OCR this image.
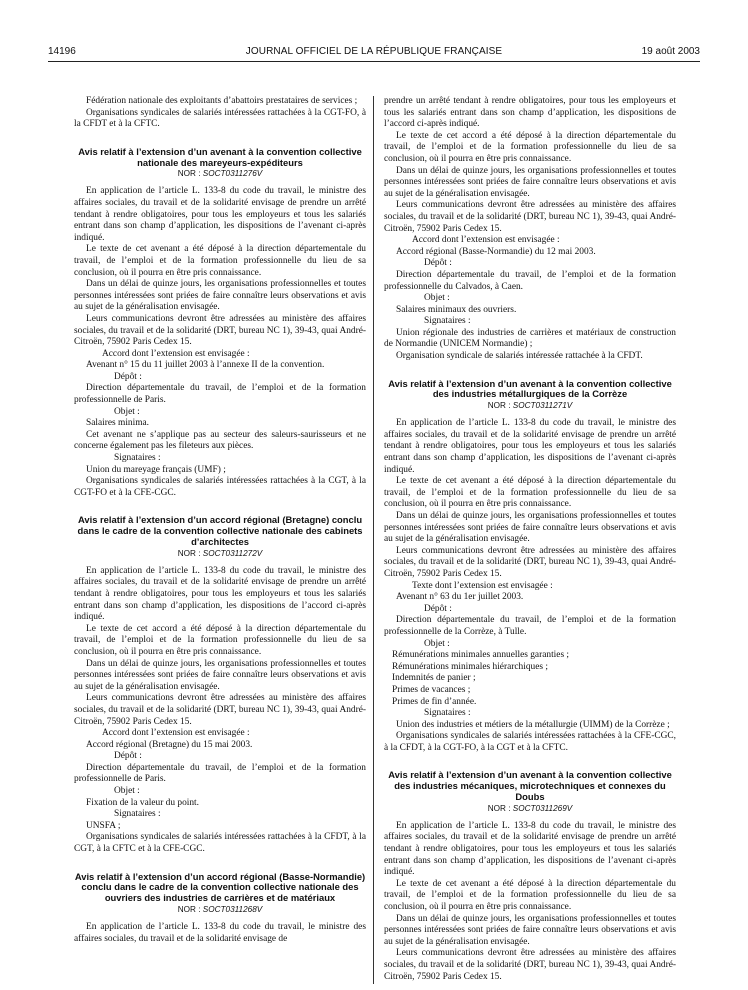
14196	JOURNAL OFFICIEL DE LA RÉPUBLIQUE FRANÇAISE	19 août 2003

Fédération nationale des exploitants d’abattoirs prestataires de services ;

Organisations syndicales de salariés intéressées rattachées à la CGT-FO, à la CFDT et à la CFTC.

Avis relatif à l’extension d’un avenant à la convention collective nationale des mareyeurs-expéditeurs
NOR : SOCT0311276V

En application de l’article L. 133-8 du code du travail, le ministre des affaires sociales, du travail et de la solidarité envisage de prendre un arrêté tendant à rendre obligatoires, pour tous les employeurs et tous les salariés entrant dans son champ d’application, les dispositions de l’avenant ci-après indiqué.

Le texte de cet avenant a été déposé à la direction départementale du travail, de l’emploi et de la formation professionnelle du lieu de sa conclusion, où il pourra en être pris connaissance.

Dans un délai de quinze jours, les organisations professionnelles et toutes personnes intéressées sont priées de faire connaître leurs observations et avis au sujet de la généralisation envisagée.

Leurs communications devront être adressées au ministère des affaires sociales, du travail et de la solidarité (DRT, bureau NC 1), 39-43, quai André-Citroën, 75902 Paris Cedex 15.

Accord dont l’extension est envisagée :

Avenant n° 15 du 11 juillet 2003 à l’annexe II de la convention.

Dépôt :

Direction départementale du travail, de l’emploi et de la formation professionnelle de Paris.

Objet :

Salaires minima.

Cet avenant ne s’applique pas au secteur des saleurs-saurisseurs et ne concerne également pas les fileteurs aux pièces.

Signataires :

Union du mareyage français (UMF) ;

Organisations syndicales de salariés intéressées rattachées à la CGT, à la CGT-FO et à la CFE-CGC.

Avis relatif à l’extension d’un accord régional (Bretagne) conclu dans le cadre de la convention collective nationale des cabinets d’architectes
NOR : SOCT0311272V

En application de l’article L. 133-8 du code du travail, le ministre des affaires sociales, du travail et de la solidarité envisage de prendre un arrêté tendant à rendre obligatoires, pour tous les employeurs et tous les salariés entrant dans son champ d’application, les dispositions de l’accord ci-après indiqué.

Le texte de cet accord a été déposé à la direction départementale du travail, de l’emploi et de la formation professionnelle du lieu de sa conclusion, où il pourra en être pris connaissance.

Dans un délai de quinze jours, les organisations professionnelles et toutes personnes intéressées sont priées de faire connaître leurs observations et avis au sujet de la généralisation envisagée.

Leurs communications devront être adressées au ministère des affaires sociales, du travail et de la solidarité (DRT, bureau NC 1), 39-43, quai André-Citroën, 75902 Paris Cedex 15.

Accord dont l’extension est envisagée :

Accord régional (Bretagne) du 15 mai 2003.

Dépôt :

Direction départementale du travail, de l’emploi et de la formation professionnelle de Paris.

Objet :

Fixation de la valeur du point.

Signataires :

UNSFA ;

Organisations syndicales de salariés intéressées rattachées à la CFDT, à la CGT, à la CFTC et à la CFE-CGC.

Avis relatif à l’extension d’un accord régional (Basse-Normandie) conclu dans le cadre de la convention collective nationale des ouvriers des industries de carrières et de matériaux
NOR : SOCT0311268V

En application de l’article L. 133-8 du code du travail, le ministre des affaires sociales, du travail et de la solidarité envisage de

prendre un arrêté tendant à rendre obligatoires, pour tous les employeurs et tous les salariés entrant dans son champ d’application, les dispositions de l’accord ci-après indiqué.

Le texte de cet accord a été déposé à la direction départementale du travail, de l’emploi et de la formation professionnelle du lieu de sa conclusion, où il pourra en être pris connaissance.

Dans un délai de quinze jours, les organisations professionnelles et toutes personnes intéressées sont priées de faire connaître leurs observations et avis au sujet de la généralisation envisagée.

Leurs communications devront être adressées au ministère des affaires sociales, du travail et de la solidarité (DRT, bureau NC 1), 39-43, quai André-Citroën, 75902 Paris Cedex 15.

Accord dont l’extension est envisagée :

Accord régional (Basse-Normandie) du 12 mai 2003.

Dépôt :

Direction départementale du travail, de l’emploi et de la formation professionnelle du Calvados, à Caen.

Objet :

Salaires minimaux des ouvriers.

Signataires :

Union régionale des industries de carrières et matériaux de construction de Normandie (UNICEM Normandie) ;

Organisation syndicale de salariés intéressée rattachée à la CFDT.

Avis relatif à l’extension d’un avenant à la convention collective des industries métallurgiques de la Corrèze
NOR : SOCT0311271V

En application de l’article L. 133-8 du code du travail, le ministre des affaires sociales, du travail et de la solidarité envisage de prendre un arrêté tendant à rendre obligatoires, pour tous les employeurs et tous les salariés entrant dans son champ d’application, les dispositions de l’avenant ci-après indiqué.

Le texte de cet avenant a été déposé à la direction départementale du travail, de l’emploi et de la formation professionnelle du lieu de sa conclusion, où il pourra en être pris connaissance.

Dans un délai de quinze jours, les organisations professionnelles et toutes personnes intéressées sont priées de faire connaître leurs observations et avis au sujet de la généralisation envisagée.

Leurs communications devront être adressées au ministère des affaires sociales, du travail et de la solidarité (DRT, bureau NC 1), 39-43, quai André-Citroën, 75902 Paris Cedex 15.

Texte dont l’extension est envisagée :

Avenant n° 63 du 1er juillet 2003.

Dépôt :

Direction départementale du travail, de l’emploi et de la formation professionnelle de la Corrèze, à Tulle.

Objet :

Rémunérations minimales annuelles garanties ;

Rémunérations minimales hiérarchiques ;

Indemnités de panier ;

Primes de vacances ;

Primes de fin d’année.

Signataires :

Union des industries et métiers de la métallurgie (UIMM) de la Corrèze ;

Organisations syndicales de salariés intéressées rattachées à la CFE-CGC, à la CFDT, à la CGT-FO, à la CGT et à la CFTC.

Avis relatif à l’extension d’un avenant à la convention collective des industries mécaniques, microtechniques et connexes du Doubs
NOR : SOCT0311269V

En application de l’article L. 133-8 du code du travail, le ministre des affaires sociales, du travail et de la solidarité envisage de prendre un arrêté tendant à rendre obligatoires, pour tous les employeurs et tous les salariés entrant dans son champ d’application, les dispositions de l’avenant ci-après indiqué.

Le texte de cet avenant a été déposé à la direction départementale du travail, de l’emploi et de la formation professionnelle du lieu de sa conclusion, où il pourra en être pris connaissance.

Dans un délai de quinze jours, les organisations professionnelles et toutes personnes intéressées sont priées de faire connaître leurs observations et avis au sujet de la généralisation envisagée.

Leurs communications devront être adressées au ministère des affaires sociales, du travail et de la solidarité (DRT, bureau NC 1), 39-43, quai André-Citroën, 75902 Paris Cedex 15.
